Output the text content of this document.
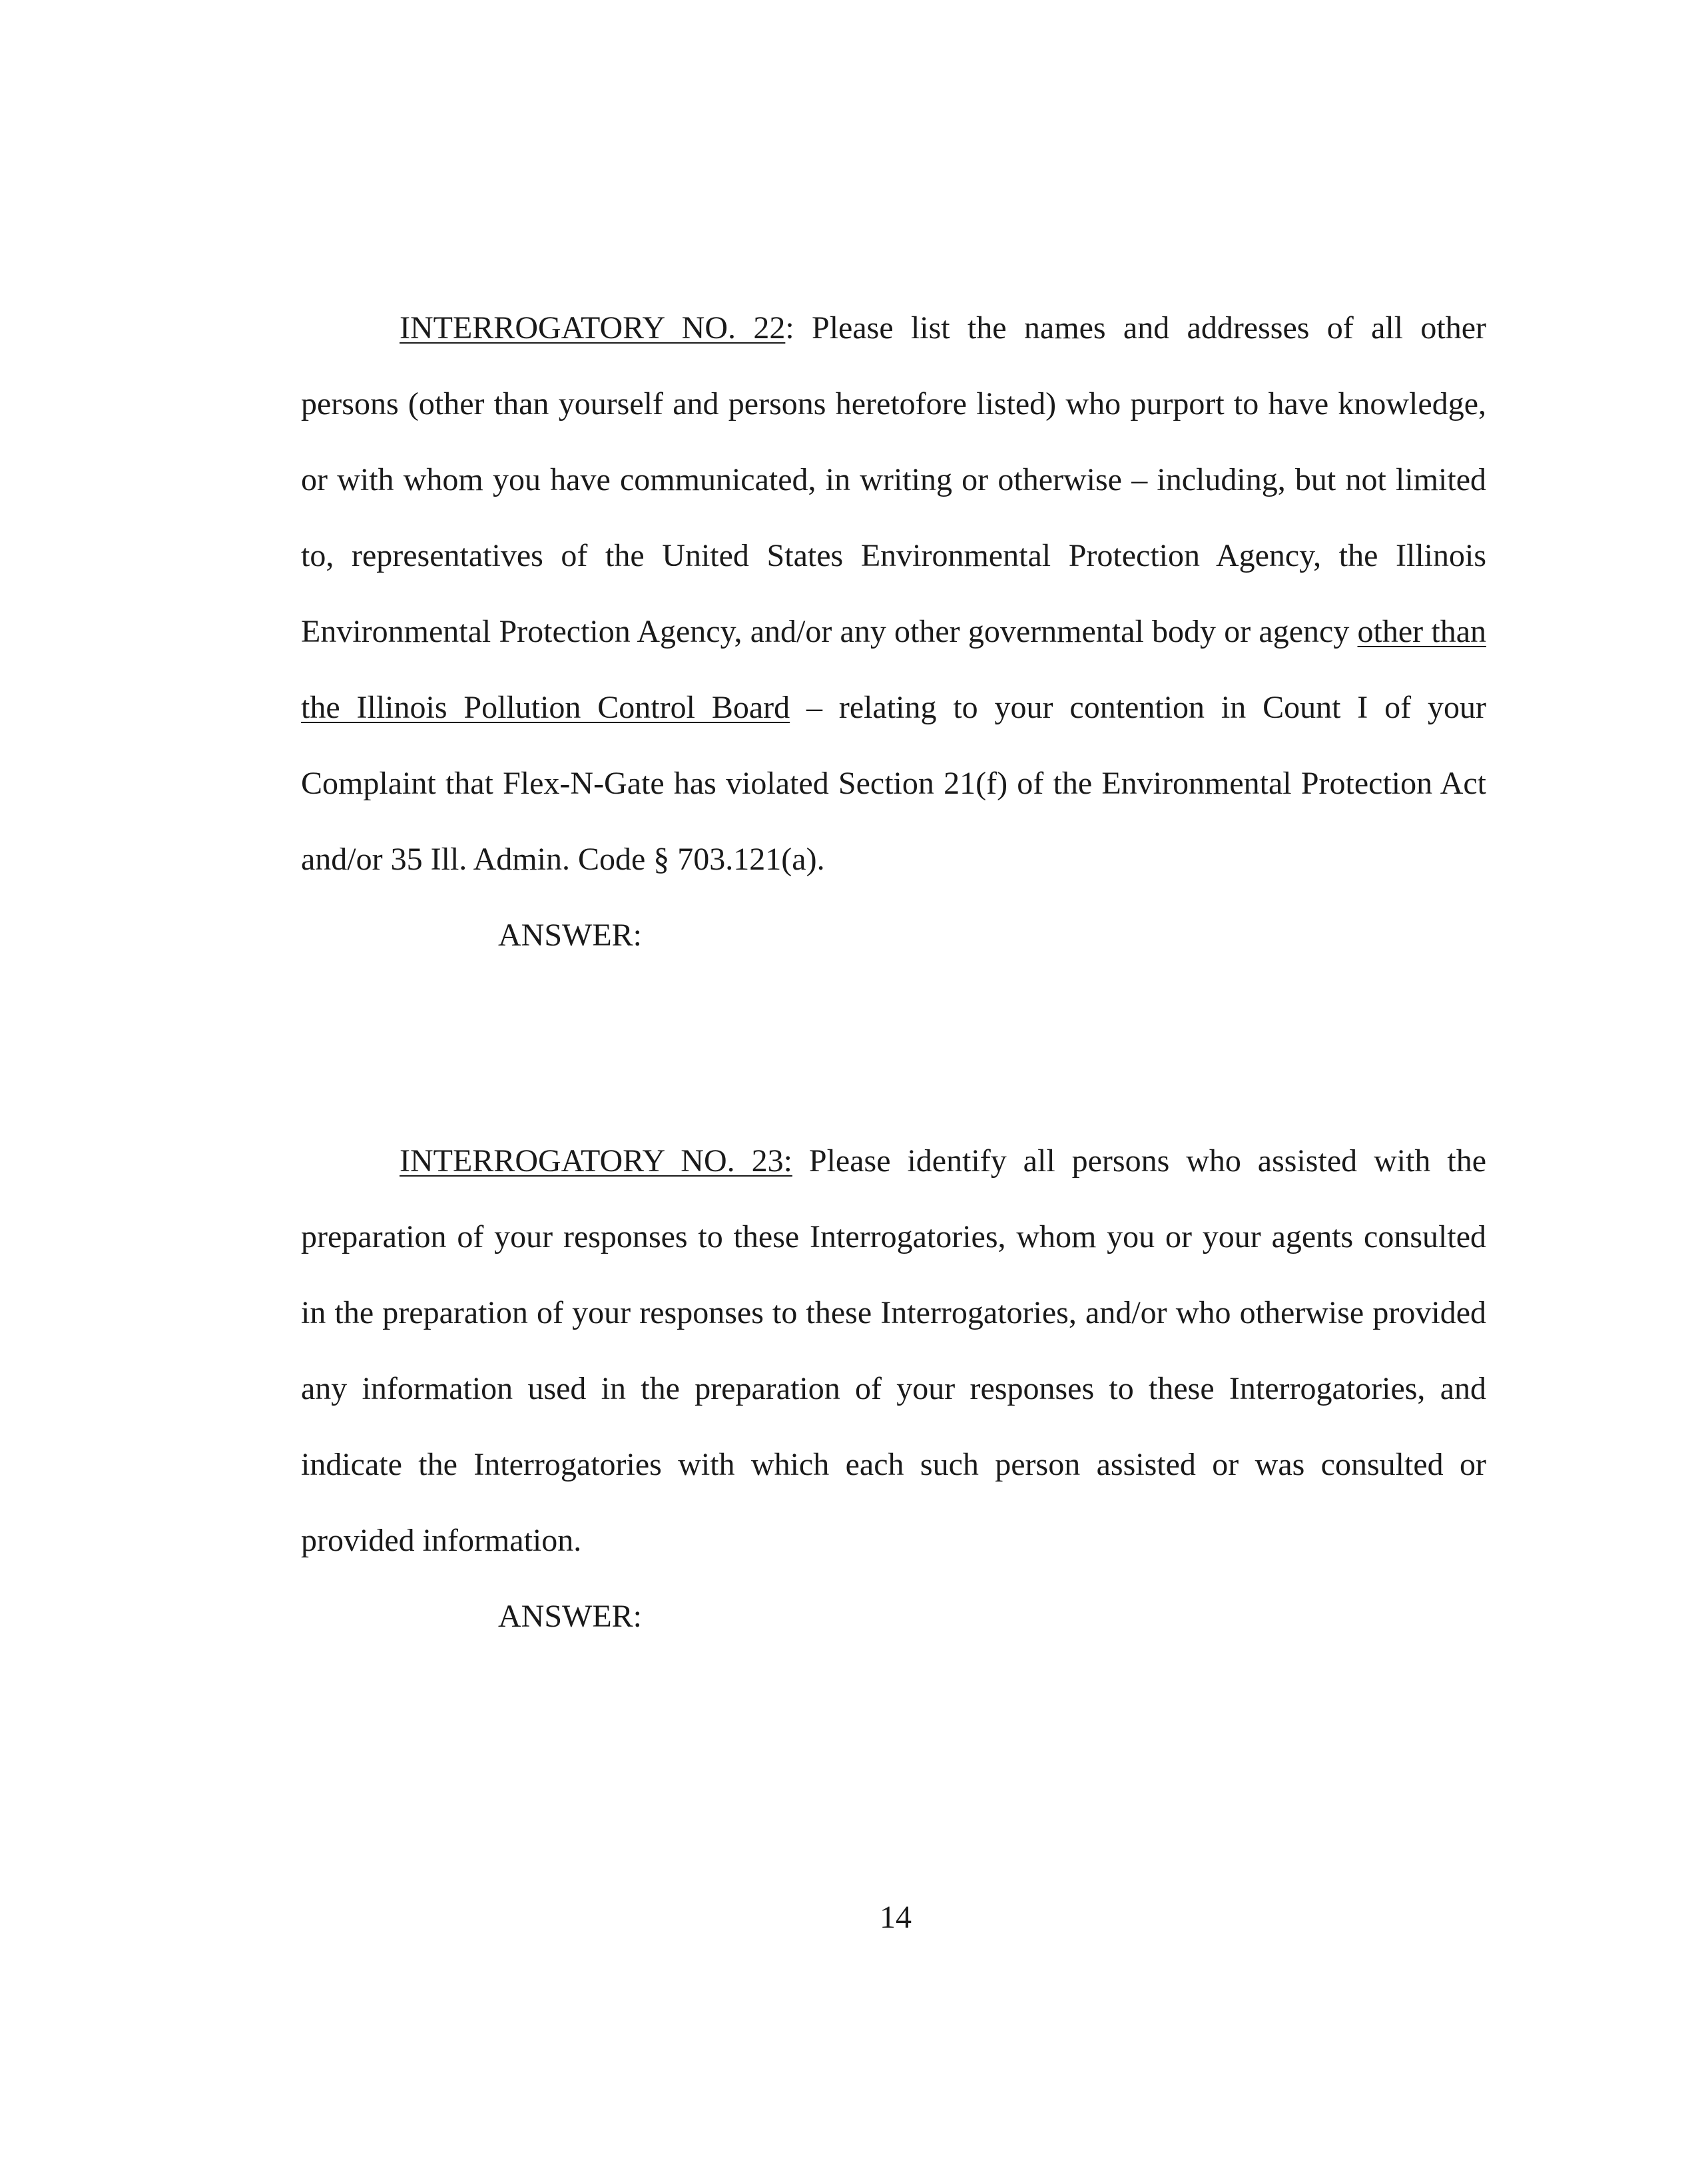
INTERROGATORY NO. 22: Please list the names and addresses of all other persons (other than yourself and persons heretofore listed) who purport to have knowledge, or with whom you have communicated, in writing or otherwise – including, but not limited to, representatives of the United States Environmental Protection Agency, the Illinois Environmental Protection Agency, and/or any other governmental body or agency other than the Illinois Pollution Control Board – relating to your contention in Count I of your Complaint that Flex-N-Gate has violated Section 21(f) of the Environmental Protection Act and/or 35 Ill. Admin. Code § 703.121(a).

ANSWER:

INTERROGATORY NO. 23: Please identify all persons who assisted with the preparation of your responses to these Interrogatories, whom you or your agents consulted in the preparation of your responses to these Interrogatories, and/or who otherwise provided any information used in the preparation of your responses to these Interrogatories, and indicate the Interrogatories with which each such person assisted or was consulted or provided information.

ANSWER:

14
